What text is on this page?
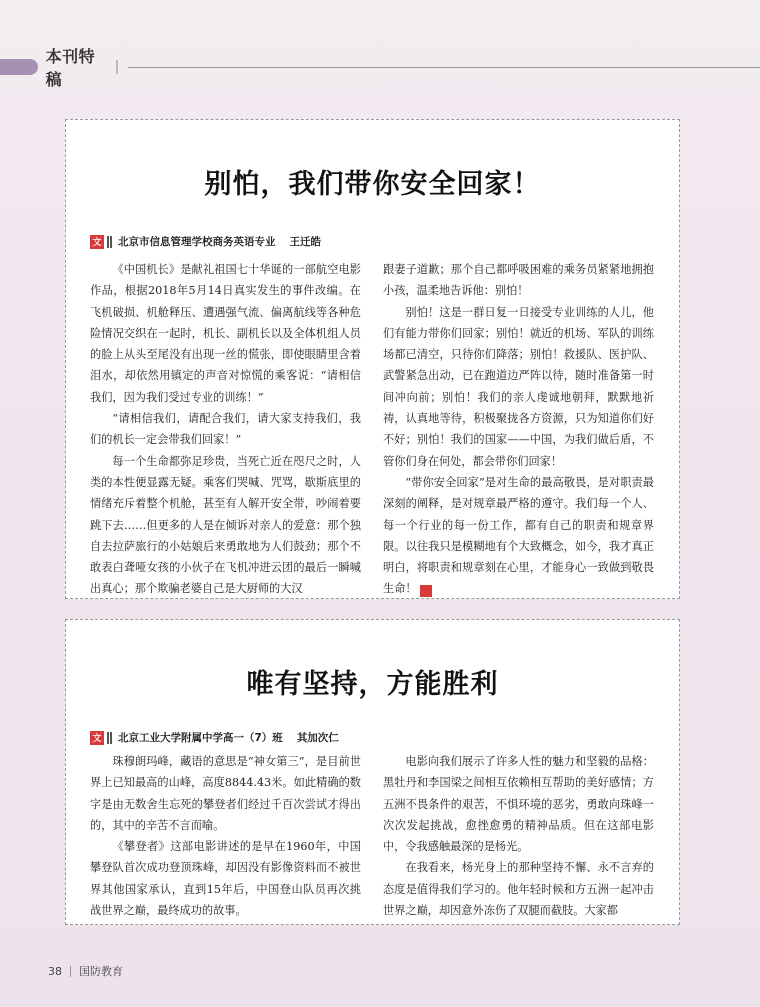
本刊特稿
别怕，我们带你安全回家！
文 北京市信息管理学校商务英语专业 王迁皓

《中国机长》是献礼祖国七十华诞的一部航空电影作品，根据2018年5月14日真实发生的事件改编。在飞机破损、机舱释压、遭遇强气流、偏离航线等各种危险情况交织在一起时，机长、副机长以及全体机组人员的脸上从头至尾没有出现一丝的慌张，即使眼睛里含着泪水，却依然用镇定的声音对惊慌的乘客说：“请相信我们，因为我们受过专业的训练！”

“请相信我们，请配合我们，请大家支持我们，我们的机长一定会带我们回家！”

每一个生命都弥足珍贵，当死亡近在咫尺之时，人类的本性便显露无疑。乘客们哭喊、咒骂，歇斯底里的情绪充斥着整个机舱，甚至有人解开安全带，吵闹着要跳下去……但更多的人是在倾诉对亲人的爱意：那个独自去拉萨旅行的小姑娘后来勇敢地为人们鼓劲；那个不敢表白聋哑女孩的小伙子在飞机冲进云团的最后一瞬喊出真心；那个欺骗老婆自己是大厨师的大汉

跟妻子道歉；那个自己都呼吸困难的乘务员紧紧地拥抱小孩，温柔地告诉他：别怕！

别怕！这是一群日复一日接受专业训练的人儿，他们有能力带你们回家；别怕！就近的机场、军队的训练场都已清空，只待你们降落；别怕！救援队、医护队、武警紧急出动，已在跑道边严阵以待，随时准备第一时间冲向前；别怕！我们的亲人虔诚地朝拜，默默地祈祷，认真地等待，积极聚拢各方资源，只为知道你们好不好；别怕！我们的国家——中国，为我们做后盾，不管你们身在何处，都会带你们回家！

“带你安全回家”是对生命的最高敬畏，是对职责最深刻的阐释，是对规章最严格的遵守。我们每一个人、每一个行业的每一份工作，都有自己的职责和规章界限。以往我只是模糊地有个大致概念，如今，我才真正明白，将职责和规章刻在心里，才能身心一致做到敬畏生命！ G

唯有坚持，方能胜利
文 北京工业大学附属中学高一（7）班 其加次仁

珠穆朗玛峰，藏语的意思是“神女第三”，是目前世界上已知最高的山峰，高度8844.43米。如此精确的数字是由无数舍生忘死的攀登者们经过千百次尝试才得出的，其中的辛苦不言而喻。

《攀登者》这部电影讲述的是早在1960年，中国攀登队首次成功登顶珠峰，却因没有影像资料而不被世界其他国家承认，直到15年后，中国登山队员再次挑战世界之巅，最终成功的故事。

电影向我们展示了许多人性的魅力和坚毅的品格：黑牡丹和李国梁之间相互依赖相互帮助的美好感情；方五洲不畏条件的艰苦，不惧环境的恶劣，勇敢向珠峰一次次发起挑战，愈挫愈勇的精神品质。但在这部电影中，令我感触最深的是杨光。

在我看来，杨光身上的那种坚持不懈、永不言弃的态度是值得我们学习的。他年轻时候和方五洲一起冲击世界之巅，却因意外冻伤了双腿而截肢。大家都

38 国防教育
